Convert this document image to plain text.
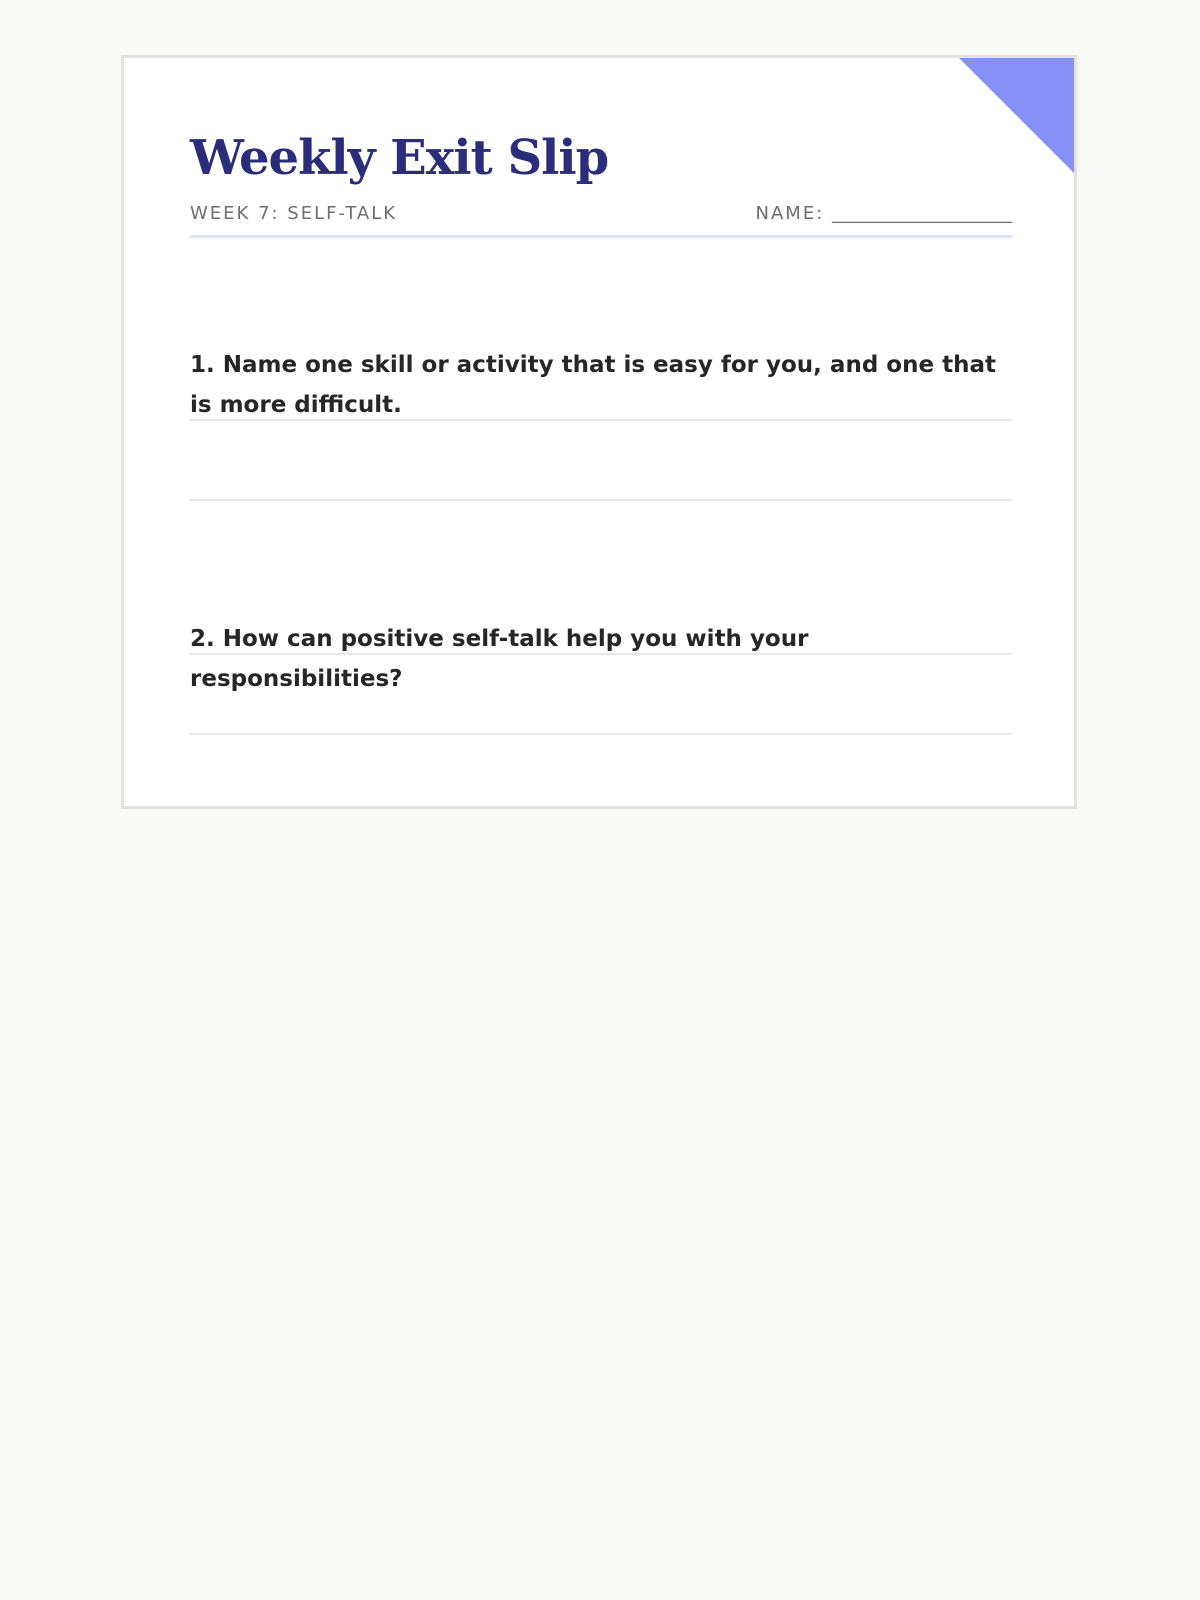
Weekly Exit Slip
WEEK 7: SELF-TALK	NAME: ____________________

1. Name one skill or activity that is easy for you, and one that is more difficult.

2. How can positive self-talk help you with your responsibilities?
